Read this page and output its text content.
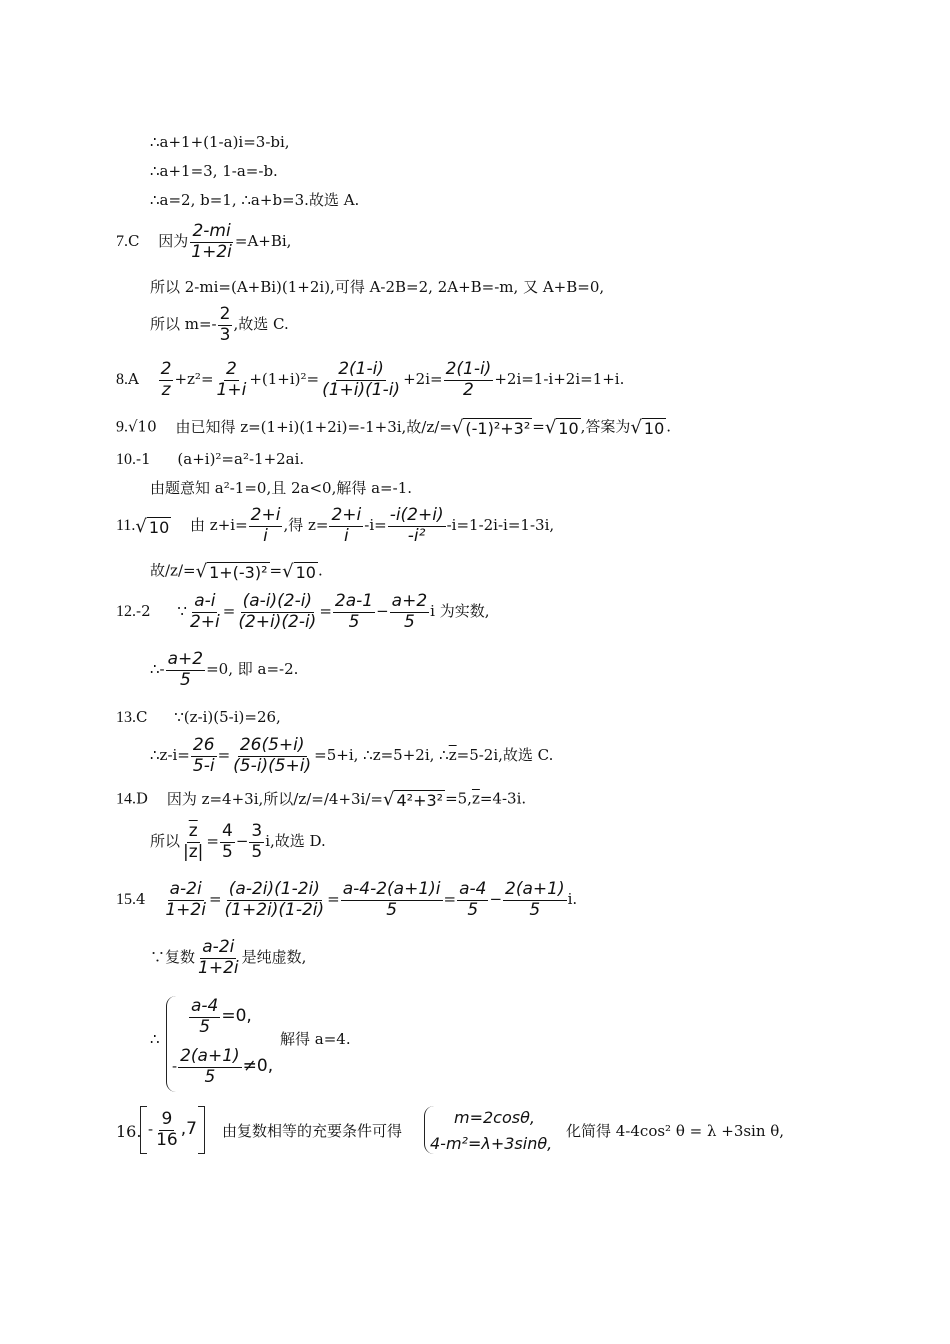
∴a+1+(1-a)i=3-bi,
∴a+1=3, 1-a=-b.
∴a=2, b=1, ∴a+b=3.故选 A.
7.C 因为 $\frac{2-mi}{1+2i} =A+Bi$,
所以 2-mi=(A+Bi)(1+2i),可得 A-2B=2, 2A+B=-m, 又 A+B=0,
所以 $m=- \frac{2}{3}$ ,故选 C.
$8.A \frac{2}{z} +z^2= \frac{2}{1+i} +(1+i)^2= \frac{2(1-i)}{(1+i)(1-i)} +2i= \frac{2(1-i)}{2} +2i=1-i+2i=1+i$.
9.√10 由已知得 z=(1+i)(1+2i)=-1+3i,故/z/= √ (-1)²+3² = √ 10 ,答案为 √ 10 .
10.-1 (a+i)²=a²-1+2ai.
由题意知 a²-1=0,且 2a<0,解得 a=-1.
11. √ 10 由 $z+i= \frac{2+i}{i}$ ,得 $z= \frac{2+i}{i} -i= \frac{-i(2+i)}{\text{-i²}} -i=1-2i-i=1-3i$,
故/z/= √ 1+(-3)² = √ 10 .
12.-2 ∵ $\frac{a-i}{2+i} = \frac{(a-i)(2-i)}{(2+i)(2-i)} = \frac{2a-1}{5} - \frac{a+2}{5}$ i 为实数,
∴- $\frac{a+2}{5} =0$, 即 a=-2.
13.C ∵(z-i)(5-i)=26,
∴z-i= $\frac{26}{5-i} = \frac{26(5+i)}{(5-i)(5+i)} =5+i$, ∴z=5+2i, $\therefore\overline{z}=5-2i$,故选 C.
14.D 因为 z=4+3i,所以/z/=/4+3i/= √ $4^2+3^2 =5,\overline{z}=4-3i$.
所以 $\frac{\overline{z}}{|z|} = \frac{4}{5} - \frac{3}{5} i$,故选 D.
$15.4 \frac{a-2i}{1+2i} = \frac{(a-2i)(1-2i)}{(1+2i)(1-2i)} = \frac{a-4-2(a+1)i}{5} = \frac{a-4}{5} - \frac{2(a+1)}{5} i$.
∵复数 $\frac{a-2i}{1+2i}$ 是纯虚数,
∴
$\frac{a-4}{5} =0$,
- $\frac{2(a+1)}{5} \ne 0$,
解得 a=4.
16. - $\frac{9}{16} ,7$ 由复数相等的充要条件可得
m=2cosθ,
4-m²=λ+3sinθ,
化简得 4-4cos² θ = λ +3sin θ,
